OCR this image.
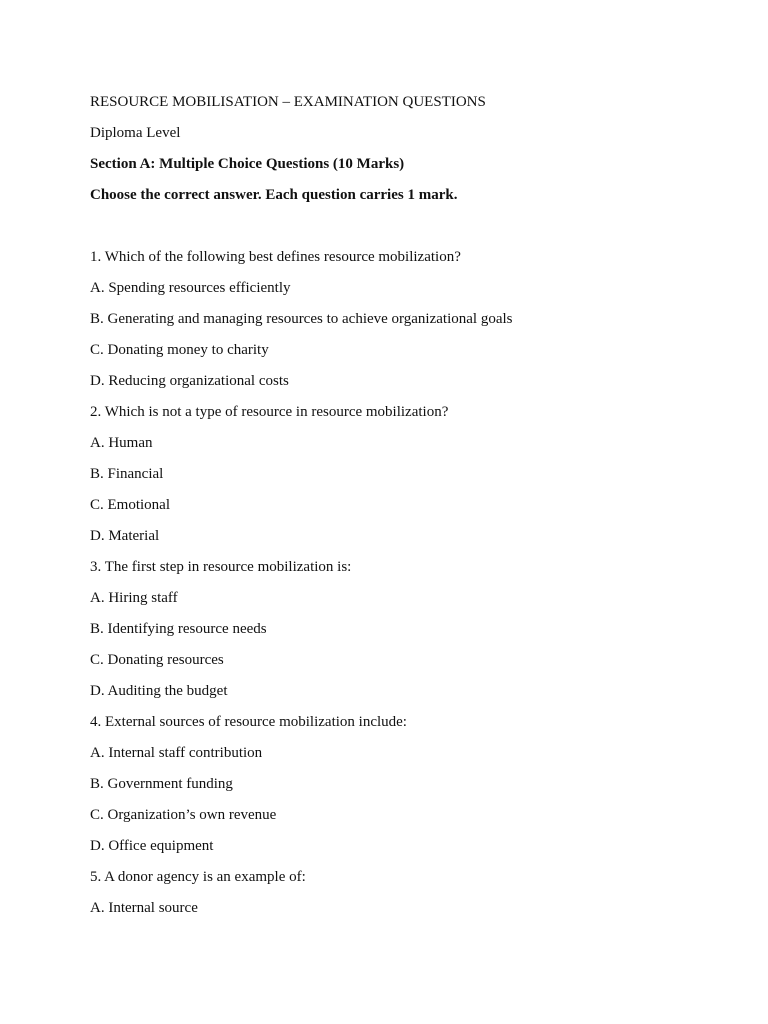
RESOURCE MOBILISATION – EXAMINATION QUESTIONS
Diploma Level
Section A: Multiple Choice Questions (10 Marks)
Choose the correct answer. Each question carries 1 mark.
1. Which of the following best defines resource mobilization?
A. Spending resources efficiently
B. Generating and managing resources to achieve organizational goals
C. Donating money to charity
D. Reducing organizational costs
2. Which is not a type of resource in resource mobilization?
A. Human
B. Financial
C. Emotional
D. Material
3. The first step in resource mobilization is:
A. Hiring staff
B. Identifying resource needs
C. Donating resources
D. Auditing the budget
4. External sources of resource mobilization include:
A. Internal staff contribution
B. Government funding
C. Organization’s own revenue
D. Office equipment
5. A donor agency is an example of:
A. Internal source
